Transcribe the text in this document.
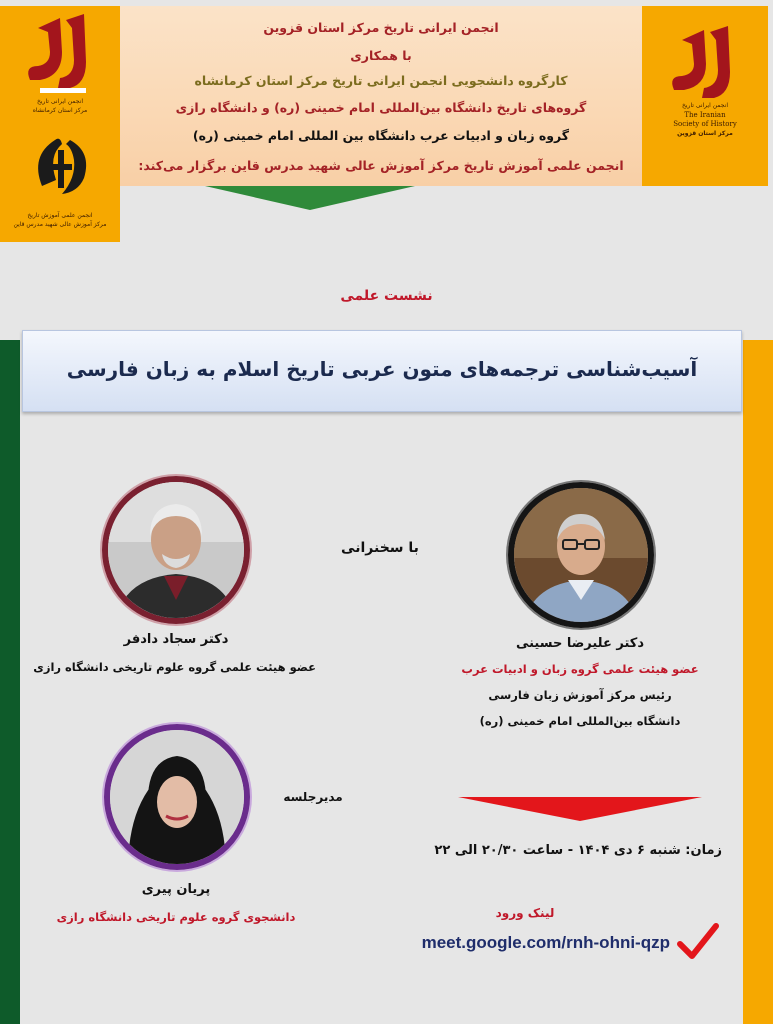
انجمن ایرانی تاریخ
مرکز استان کرمانشاه
انجمن علمی آموزش تاریخ
مرکز آموزش عالی شهید مدرس قاین
انجمن ایرانی تاریخ مرکز استان قزوین
با همکاری
کارگروه دانشجویی انجمن ایرانی تاریخ مرکز استان کرمانشاه
گروه‌های تاریخ دانشگاه بین‌المللی امام خمینی (ره) و دانشگاه رازی
گروه زبان و ادبیات عرب دانشگاه بین المللی امام خمینی (ره)
انجمن علمی آموزش تاریخ مرکز آموزش عالی شهید مدرس قاین برگزار می‌کند:
انجمن ایرانی تاریخ
The Iranian
Society of History
مرکز استان قزوین
نشست علمی
آسیب‌شناسی ترجمه‌های متون عربی تاریخ اسلام به زبان فارسی
با سخنرانی
دکتر علیرضا حسینی
عضو هیئت علمی گروه زبان و ادبیات عرب
رئیس مرکز آموزش زبان فارسی
دانشگاه بین‌المللی امام خمینی (ره)
دکتر سجاد دادفر
عضو هیئت علمی گروه علوم تاریخی دانشگاه رازی
مدیرجلسه
پریان پیری
دانشجوی گروه علوم تاریخی دانشگاه رازی
زمان: شنبه ۶ دی ۱۴۰۴ - ساعت ۲۰/۳۰ الی ۲۲
لینک ورود
meet.google.com/rnh-ohni-qzp
